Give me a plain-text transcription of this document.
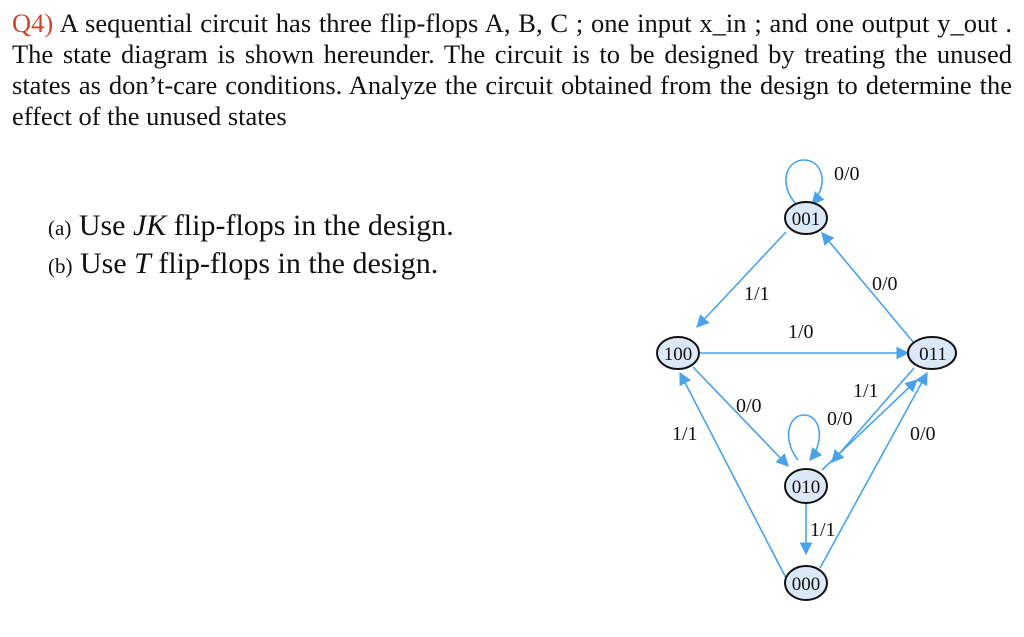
Q4) A sequential circuit has three flip-flops A, B, C ; one input x_in ; and one output y_out . The state diagram is shown hereunder. The circuit is to be designed by treating the unused states as don’t-care conditions. Analyze the circuit obtained from the design to determine the effect of the unused states

(a) Use JK flip-flops in the design.
(b) Use T flip-flops in the design.
001
100	011
010
000
0/0
0/0
1/1
1/0
0/0
1/1
1/1
0/0
0/0
1/1
0/0
